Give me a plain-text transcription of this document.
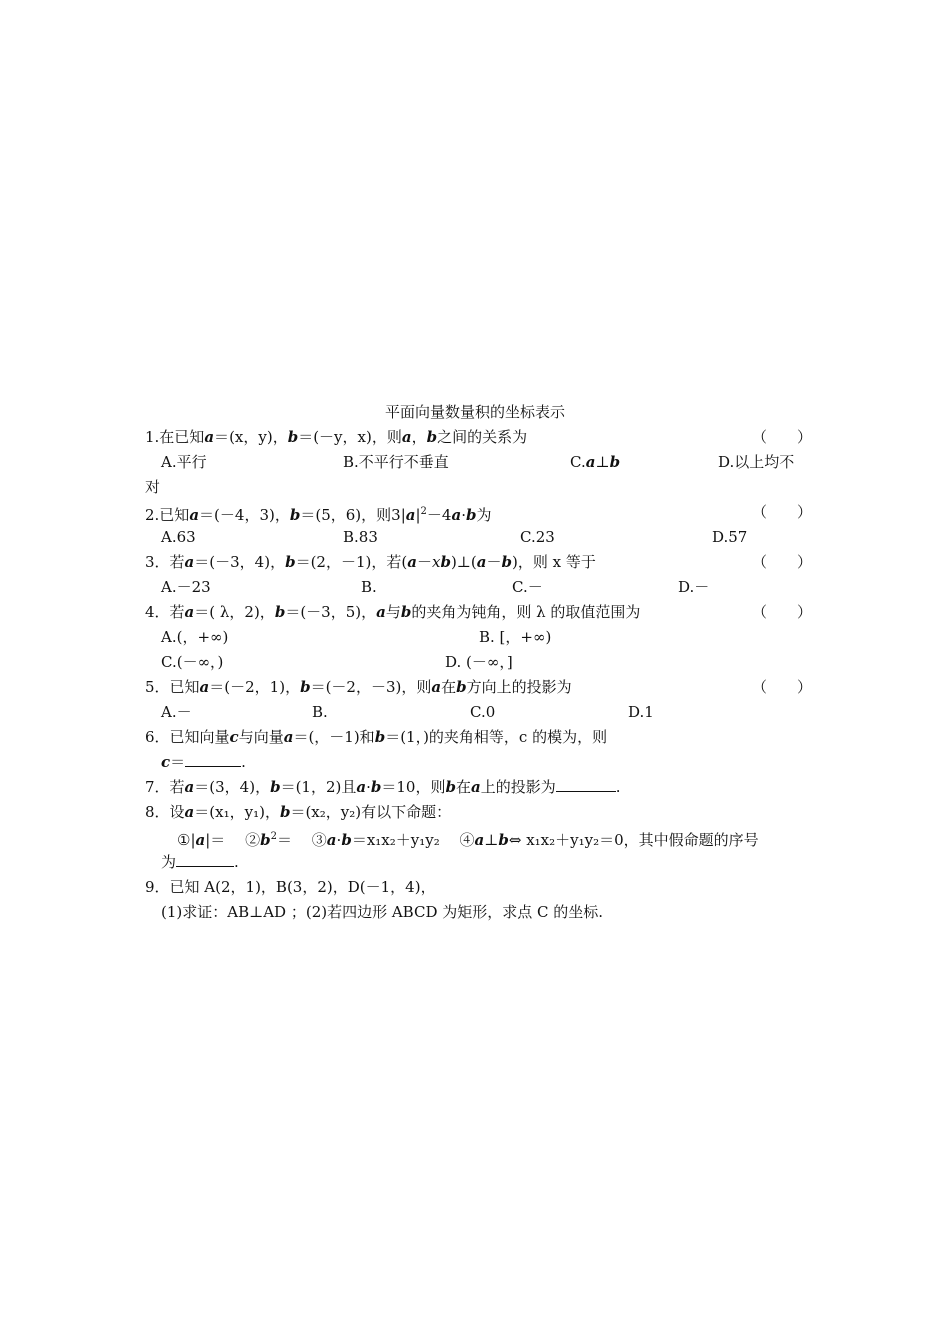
平面向量数量积的坐标表示
1.在已知a＝(x，y)，b＝(－y，x)，则a，b之间的关系为	（　　）
A.平行	B.不平行不垂直	C.a⊥b	D.以上均不
对
2.已知a＝(－4，3)，b＝(5，6)，则$3|a|^2-4a\cdot b$为	（　　）
A.63	B.83	C.23	D.57
3．若a＝(－3，4)，b＝(2，－1)，若(a－xb)⊥(a－b)，则 x 等于	（　　）
A.－23	B.	C.－	D.－
4．若a＝( λ，2)，b＝(－3，5)，a与b的夹角为钝角，则 λ 的取值范围为	（　　）
A.(，+∞)	B. [，+∞)
C.(－∞，)	D. (－∞，]
5．已知a＝(－2，1)，b＝(－2，－3)，则a在b方向上的投影为	（　　）
A.－	B.	C.0	D.1
6．已知向量c与向量a＝(，－1)和b＝(1，)的夹角相等，c 的模为，则
c＝	.
7．若a＝(3，4)，b＝(1，2)且a·b＝10，则b在a上的投影为	.
8．设a＝(x₁，y₁)，b＝(x₂，y₂)有以下命题：
①|a|＝　 $②b^2=$　 ③a·b＝x₁x₂＋y₁y₂　 ④a⊥b⇔ x₁x₂＋y₁y₂＝0，其中假命题的序号
为	.
9．已知 A(2，1)，B(3，2)，D(－1，4)，
(1)求证：AB⊥AD ；(2)若四边形 ABCD 为矩形，求点 C 的坐标.
